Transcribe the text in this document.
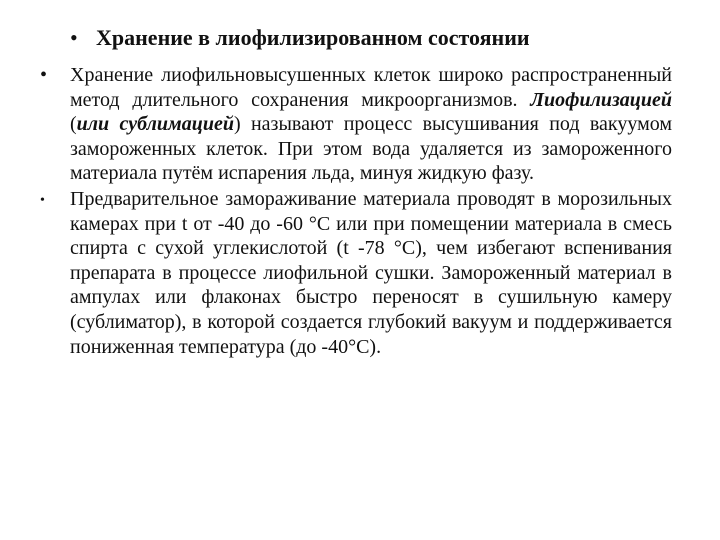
• Хранение в лиофилизированном состоянии
• Хранение лиофильновысушенных клеток широко распространенный метод длительного сохранения микроорганизмов. Лиофилизацией (или сублимацией) называют процесс высушивания под вакуумом замороженных клеток. При этом вода удаляется из замороженного материала путём испарения льда, минуя жидкую фазу.
• Предварительное замораживание материала проводят в морозильных камерах при t от -40 до -60 °С или при помещении материала в смесь спирта с сухой углекислотой (t -78 °С), чем избегают вспенивания препарата в процессе лиофильной сушки. Замороженный материал в ампулах или флаконах быстро переносят в сушильную камеру (сублиматор), в которой создается глубокий вакуум и поддерживается пониженная температура (до -40°С).
